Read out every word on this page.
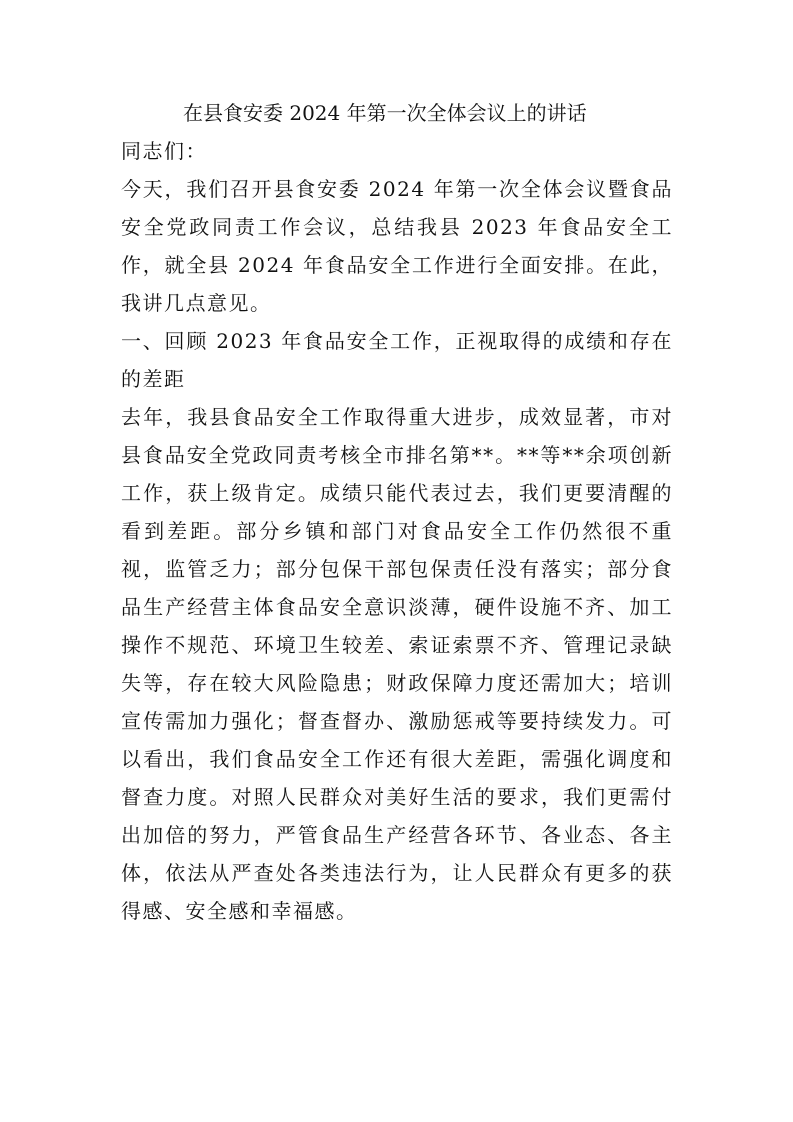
在县食安委 2024 年第一次全体会议上的讲话

同志们：

今天，我们召开县食安委 2024 年第一次全体会议暨食品安全党政同责工作会议，总结我县 2023 年食品安全工作，就全县 2024 年食品安全工作进行全面安排。在此，我讲几点意见。

一、回顾 2023 年食品安全工作，正视取得的成绩和存在的差距

去年，我县食品安全工作取得重大进步，成效显著，市对县食品安全党政同责考核全市排名第**。**等**余项创新工作，获上级肯定。成绩只能代表过去，我们更要清醒的看到差距。部分乡镇和部门对食品安全工作仍然很不重视，监管乏力；部分包保干部包保责任没有落实；部分食品生产经营主体食品安全意识淡薄，硬件设施不齐、加工操作不规范、环境卫生较差、索证索票不齐、管理记录缺失等，存在较大风险隐患；财政保障力度还需加大；培训宣传需加力强化；督查督办、激励惩戒等要持续发力。可以看出，我们食品安全工作还有很大差距，需强化调度和督查力度。对照人民群众对美好生活的要求，我们更需付出加倍的努力，严管食品生产经营各环节、各业态、各主体，依法从严查处各类违法行为，让人民群众有更多的获得感、安全感和幸福感。
